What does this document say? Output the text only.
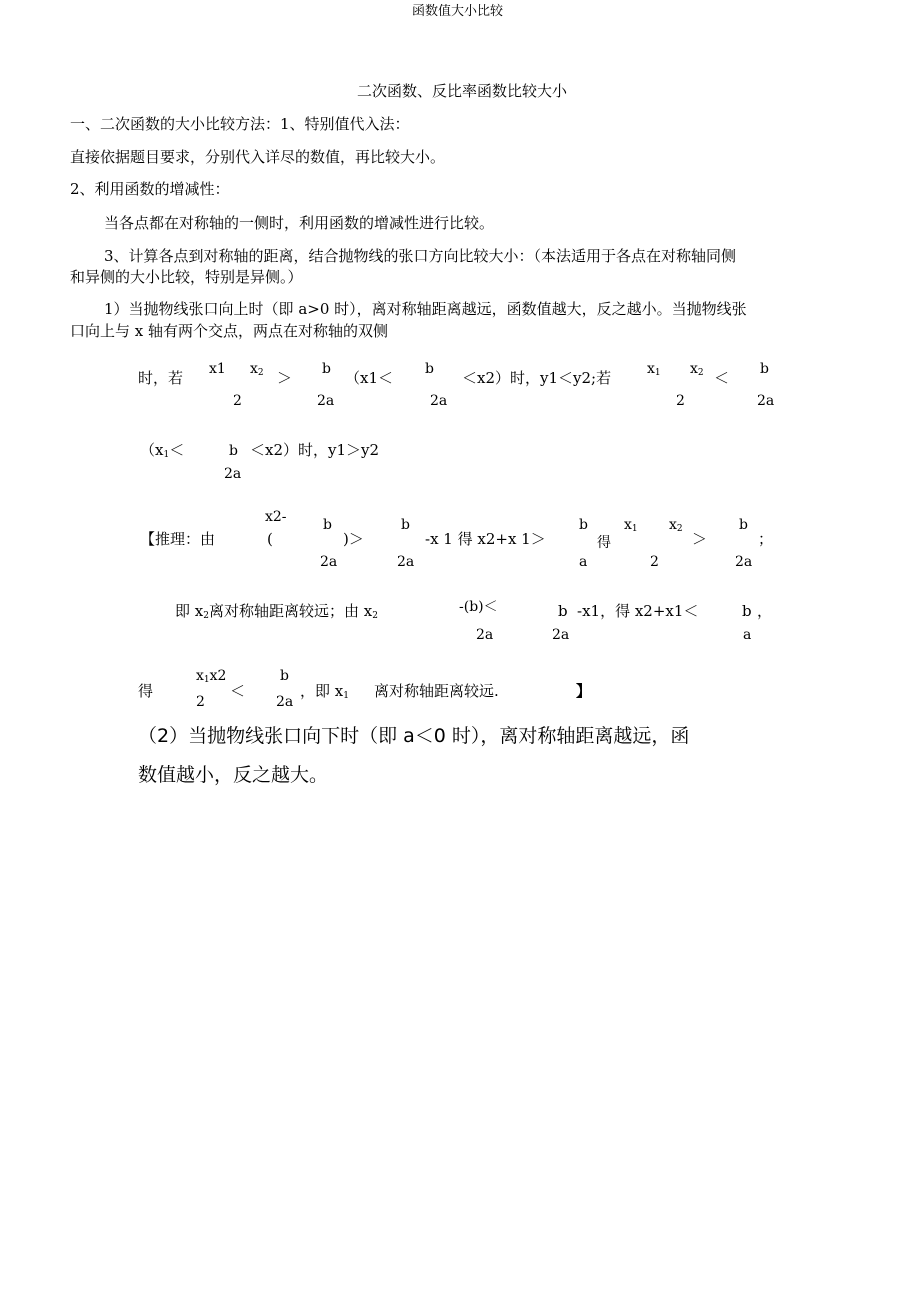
函数值大小比较
二次函数、反比率函数比较大小
一、二次函数的大小比较方法：1、特别值代入法：
直接依据题目要求，分别代入详尽的数值，再比较大小。
2、利用函数的增减性：
当各点都在对称轴的一侧时，利用函数的增减性进行比较。
3、计算各点到对称轴的距离，结合抛物线的张口方向比较大小：（本法适用于各点在对称轴同侧
和异侧的大小比较，特别是异侧。）
1）当抛物线张口向上时（即 a>0 时），离对称轴距离越远，函数值越大，反之越小。当抛物线张
口向上与 x 轴有两个交点，两点在对称轴的双侧
时，若 x1 $x_2$
2
＞ b
2a
（x1＜ b
2a
＜x2）时，y1＜y2;若	$x_1$ $x_2$
2
＜ b
2a
（$x_1<$	b ＜x2）时，y1＞y2
2a
【推理：由
x2-
(
b
2a
)＞
b
2a
-x 1 得 x2+x 1＞
b
得
a
$x_1$ $x_2$
2
＞
b
2a
；
即 $x_2$离对称轴距离较远；由 $x_2$
-(b)＜
2a
b
2a
-x1，得 x2+x1＜	b ，
a
得
$x_1x2$
2
＜
b
2a
，即 $x_1$ 离对称轴距离较远.	】
（2）当抛物线张口向下时（即 a＜0 时），离对称轴距离越远，函
数值越小，反之越大。
